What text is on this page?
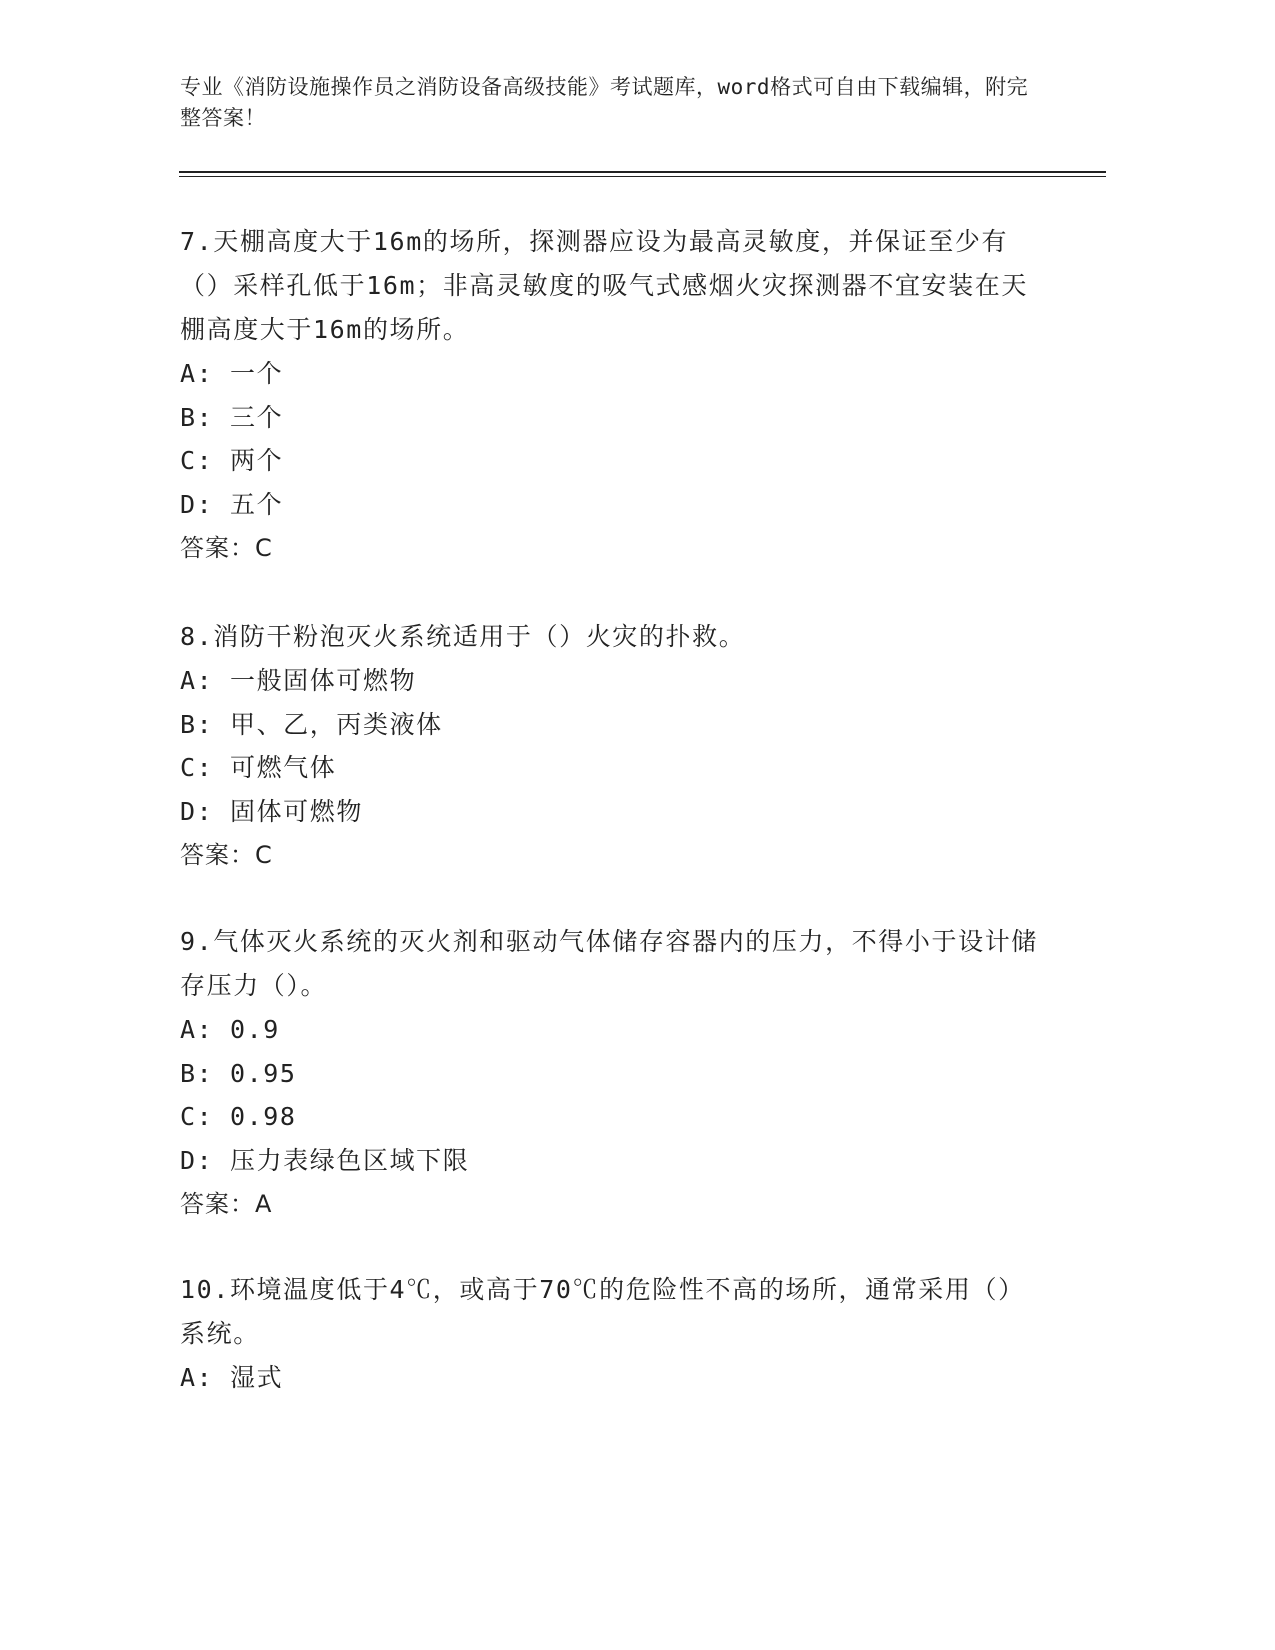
专业《消防设施操作员之消防设备高级技能》考试题库，word格式可自由下载编辑，附完整答案！

7.天棚高度大于16m的场所，探测器应设为最高灵敏度，并保证至少有（）采样孔低于16m；非高灵敏度的吸气式感烟火灾探测器不宜安装在天棚高度大于16m的场所。

A: 一个

B: 三个

C: 两个

D: 五个

答案：C

8.消防干粉泡灭火系统适用于（）火灾的扑救。

A: 一般固体可燃物

B: 甲、乙，丙类液体

C: 可燃气体

D: 固体可燃物

答案：C

9.气体灭火系统的灭火剂和驱动气体储存容器内的压力，不得小于设计储存压力（）。

A: 0.9

B: 0.95

C: 0.98

D: 压力表绿色区域下限

答案：A

10.环境温度低于4℃，或高于70℃的危险性不高的场所，通常采用（）系统。

A: 湿式
